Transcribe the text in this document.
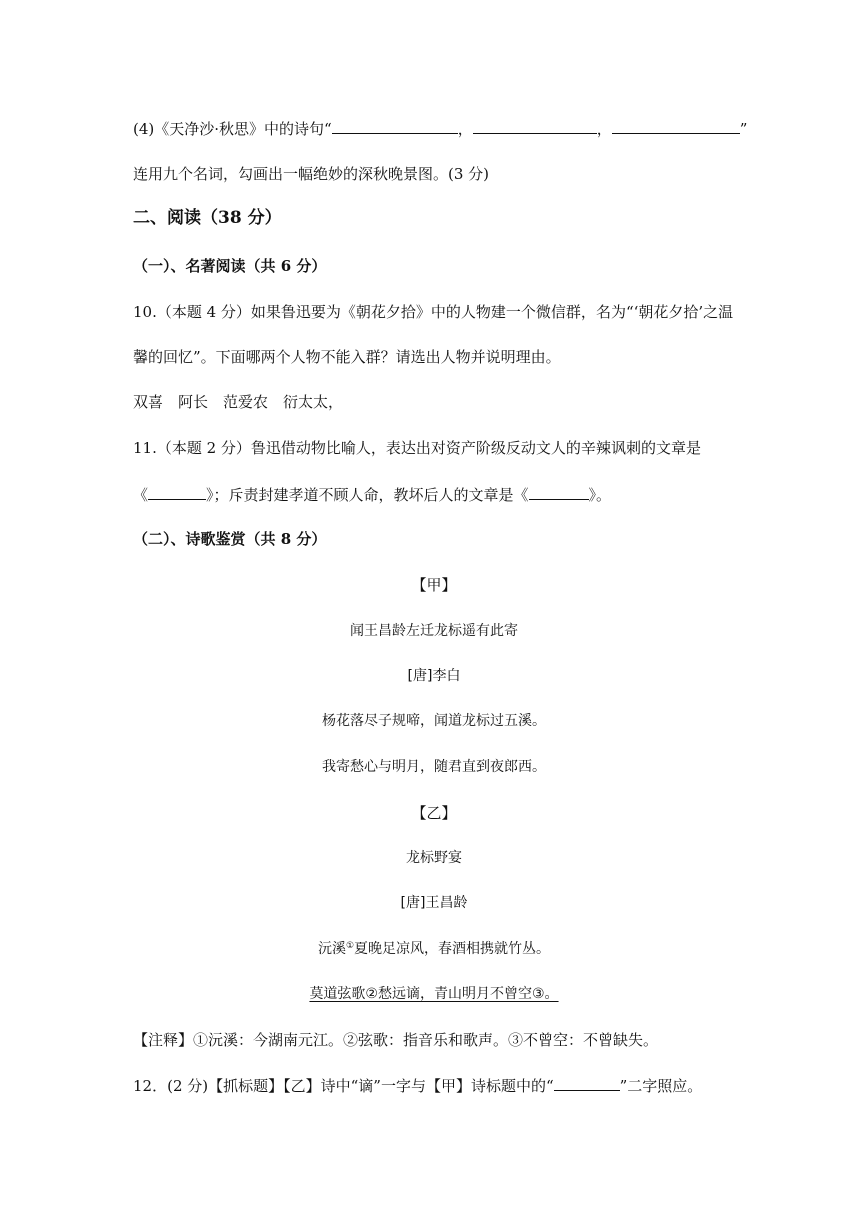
(4)《天净沙·秋思》中的诗句“	，	，	”
连用九个名词，勾画出一幅绝妙的深秋晚景图。(3 分)
二、阅读（38 分）
（一）、名著阅读（共 6 分）
10.（本题 4 分）如果鲁迅要为《朝花夕拾》中的人物建一个微信群，名为“‘朝花夕拾’之温
馨的回忆”。下面哪两个人物不能入群？请选出人物并说明理由。
双喜　阿长　范爱农　衍太太，
11.（本题 2 分）鲁迅借动物比喻人，表达出对资产阶级反动文人的辛辣讽刺的文章是
《	》；斥责封建孝道不顾人命，教坏后人的文章是《	》。
（二）、诗歌鉴赏（共 8 分）
【甲】
闻王昌龄左迁龙标遥有此寄
[唐]李白
杨花落尽子规啼，闻道龙标过五溪。
我寄愁心与明月，随君直到夜郎西。
【乙】
龙标野宴
[唐]王昌龄
沅溪①夏晚足凉风，春酒相携就竹丛。
莫道弦歌②愁远谪，青山明月不曾空③。
【注释】①沅溪：今湖南元江。②弦歌：指音乐和歌声。③不曾空：不曾缺失。
12．(2 分)【抓标题】【乙】诗中“谪”一字与【甲】诗标题中的“	”二字照应。
